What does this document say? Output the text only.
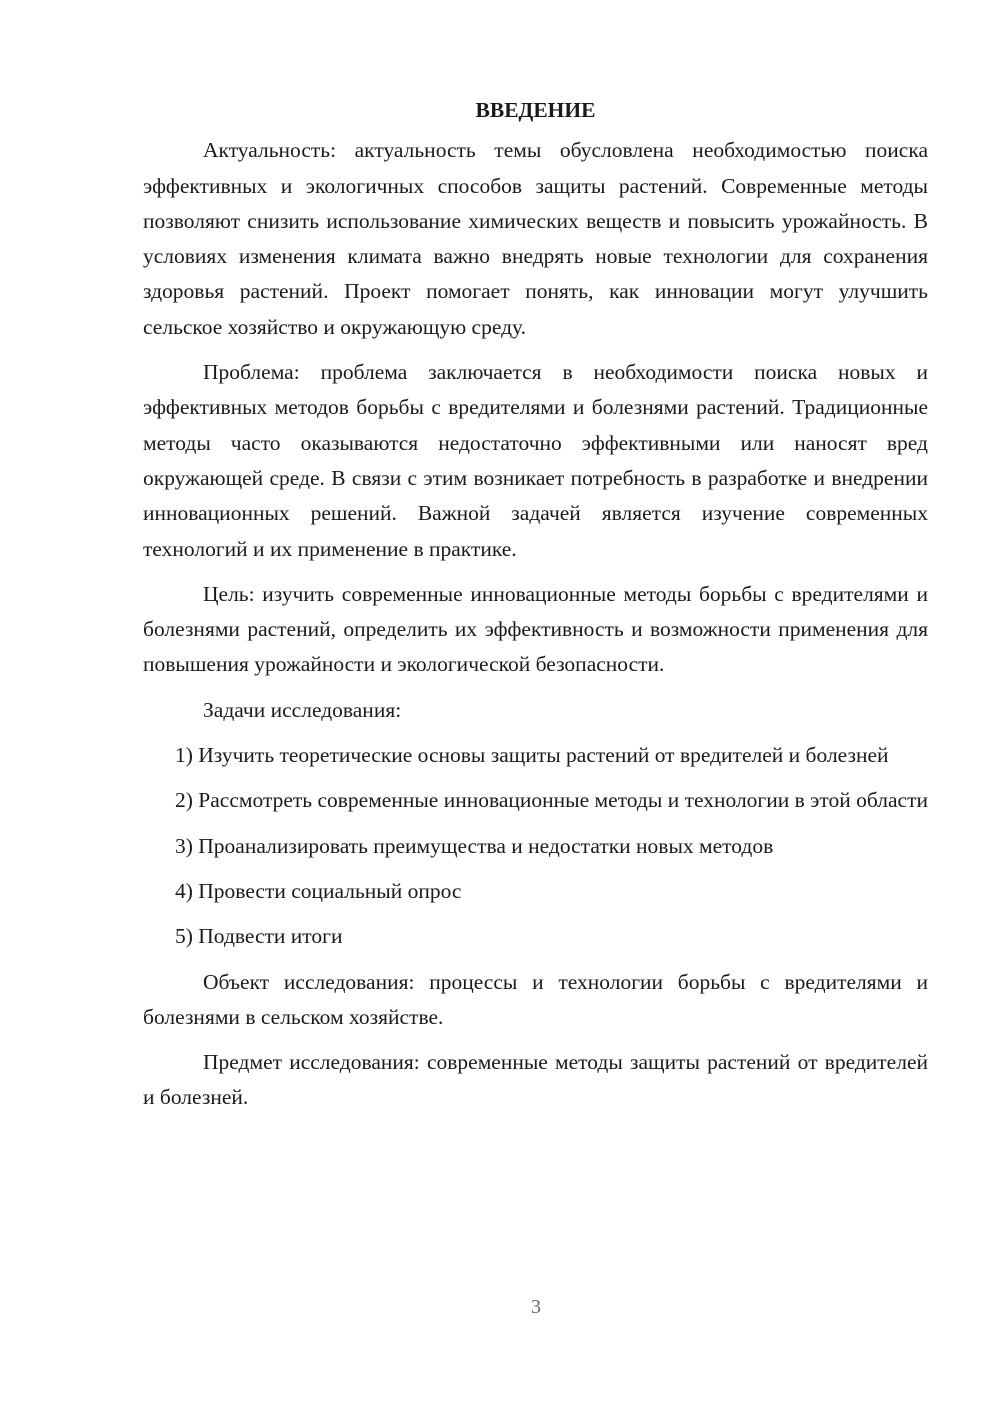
ВВЕДЕНИЕ

Актуальность: актуальность темы обусловлена необходимостью поиска эффективных и экологичных способов защиты растений. Современные методы позволяют снизить использование химических веществ и повысить урожайность. В условиях изменения климата важно внедрять новые технологии для сохранения здоровья растений. Проект помогает понять, как инновации могут улучшить сельское хозяйство и окружающую среду.

Проблема: проблема заключается в необходимости поиска новых и эффективных методов борьбы с вредителями и болезнями растений. Традиционные методы часто оказываются недостаточно эффективными или наносят вред окружающей среде. В связи с этим возникает потребность в разработке и внедрении инновационных решений. Важной задачей является изучение современных технологий и их применение в практике.

Цель: изучить современные инновационные методы борьбы с вредителями и болезнями растений, определить их эффективность и возможности применения для повышения урожайности и экологической безопасности.

Задачи исследования:

1) Изучить теоретические основы защиты растений от вредителей и болезней

2) Рассмотреть современные инновационные методы и технологии в этой области

3) Проанализировать преимущества и недостатки новых методов

4) Провести социальный опрос

5) Подвести итоги

Объект исследования: процессы и технологии борьбы с вредителями и болезнями в сельском хозяйстве.

Предмет исследования: современные методы защиты растений от вредителей и болезней.

3
